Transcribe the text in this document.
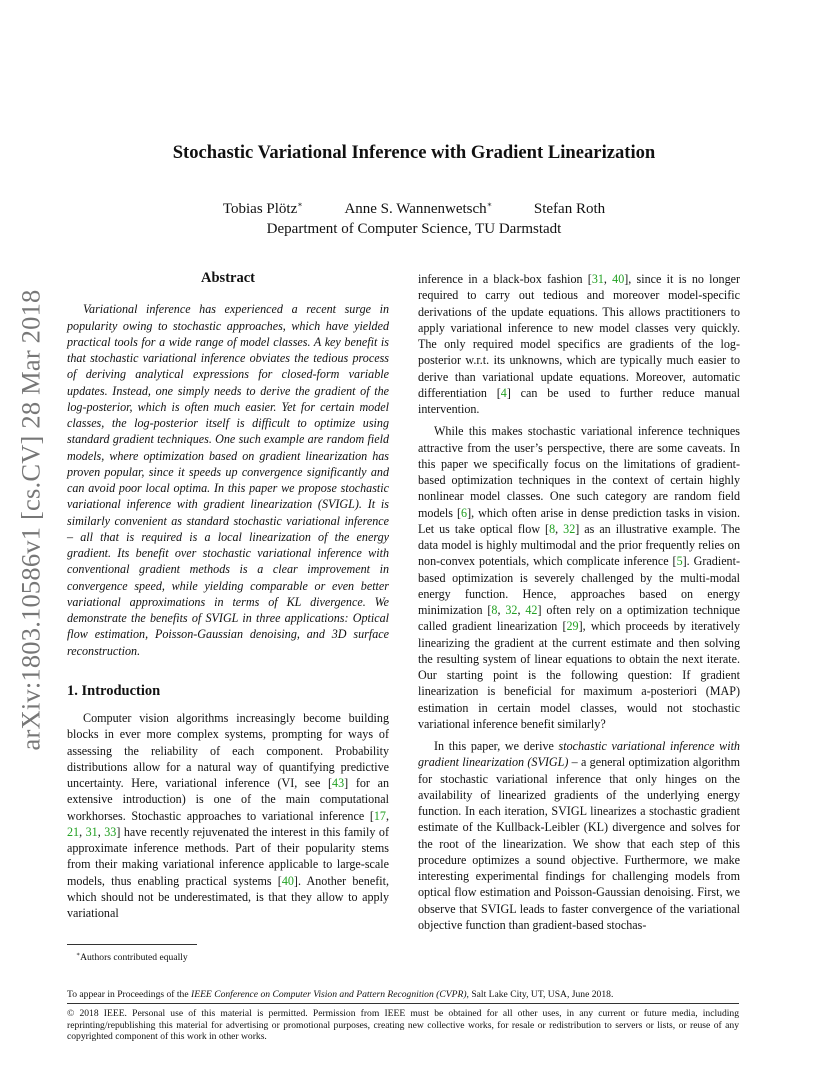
arXiv:1803.10586v1 [cs.CV] 28 Mar 2018
Stochastic Variational Inference with Gradient Linearization
Tobias Plötz∗	Anne S. Wannenwetsch∗	Stefan Roth
Department of Computer Science, TU Darmstadt
Abstract

Variational inference has experienced a recent surge in popularity owing to stochastic approaches, which have yielded practical tools for a wide range of model classes. A key benefit is that stochastic variational inference obviates the tedious process of deriving analytical expressions for closed-form variable updates. Instead, one simply needs to derive the gradient of the log-posterior, which is often much easier. Yet for certain model classes, the log-posterior itself is difficult to optimize using standard gradient techniques. One such example are random field models, where optimization based on gradient linearization has proven popular, since it speeds up convergence significantly and can avoid poor local optima. In this paper we propose stochastic variational inference with gradient linearization (SVIGL). It is similarly convenient as standard stochastic variational inference – all that is required is a local linearization of the energy gradient. Its benefit over stochastic variational inference with conventional gradient methods is a clear improvement in convergence speed, while yielding comparable or even better variational approximations in terms of KL divergence. We demonstrate the benefits of SVIGL in three applications: Optical flow estimation, Poisson-Gaussian denoising, and 3D surface reconstruction.

1. Introduction

Computer vision algorithms increasingly become building blocks in ever more complex systems, prompting for ways of assessing the reliability of each component. Probability distributions allow for a natural way of quantifying predictive uncertainty. Here, variational inference (VI, see [43] for an extensive introduction) is one of the main computational workhorses. Stochastic approaches to variational inference [17, 21, 31, 33] have recently rejuvenated the interest in this family of approximate inference methods. Part of their popularity stems from their making variational inference applicable to large-scale models, thus enabling practical systems [40]. Another benefit, which should not be underestimated, is that they allow to apply variational

inference in a black-box fashion [31, 40], since it is no longer required to carry out tedious and moreover model-specific derivations of the update equations. This allows practitioners to apply variational inference to new model classes very quickly. The only required model specifics are gradients of the log-posterior w.r.t. its unknowns, which are typically much easier to derive than variational update equations. Moreover, automatic differentiation [4] can be used to further reduce manual intervention.

While this makes stochastic variational inference techniques attractive from the user’s perspective, there are some caveats. In this paper we specifically focus on the limitations of gradient-based optimization techniques in the context of certain highly nonlinear model classes. One such category are random field models [6], which often arise in dense prediction tasks in vision. Let us take optical flow [8, 32] as an illustrative example. The data model is highly multimodal and the prior frequently relies on non-convex potentials, which complicate inference [5]. Gradient-based optimization is severely challenged by the multi-modal energy function. Hence, approaches based on energy minimization [8, 32, 42] often rely on a optimization technique called gradient linearization [29], which proceeds by iteratively linearizing the gradient at the current estimate and then solving the resulting system of linear equations to obtain the next iterate. Our starting point is the following question: If gradient linearization is beneficial for maximum a-posteriori (MAP) estimation in certain model classes, would not stochastic variational inference benefit similarly?

In this paper, we derive stochastic variational inference with gradient linearization (SVIGL) – a general optimization algorithm for stochastic variational inference that only hinges on the availability of linearized gradients of the underlying energy function. In each iteration, SVIGL linearizes a stochastic gradient estimate of the Kullback-Leibler (KL) divergence and solves for the root of the linearization. We show that each step of this procedure optimizes a sound objective. Furthermore, we make interesting experimental findings for challenging models from optical flow estimation and Poisson-Gaussian denoising. First, we observe that SVIGL leads to faster convergence of the variational objective function than gradient-based stochas-

∗Authors contributed equally
To appear in Proceedings of the IEEE Conference on Computer Vision and Pattern Recognition (CVPR), Salt Lake City, UT, USA, June 2018.
© 2018 IEEE. Personal use of this material is permitted. Permission from IEEE must be obtained for all other uses, in any current or future media, including reprinting/republishing this material for advertising or promotional purposes, creating new collective works, for resale or redistribution to servers or lists, or reuse of any copyrighted component of this work in other works.
